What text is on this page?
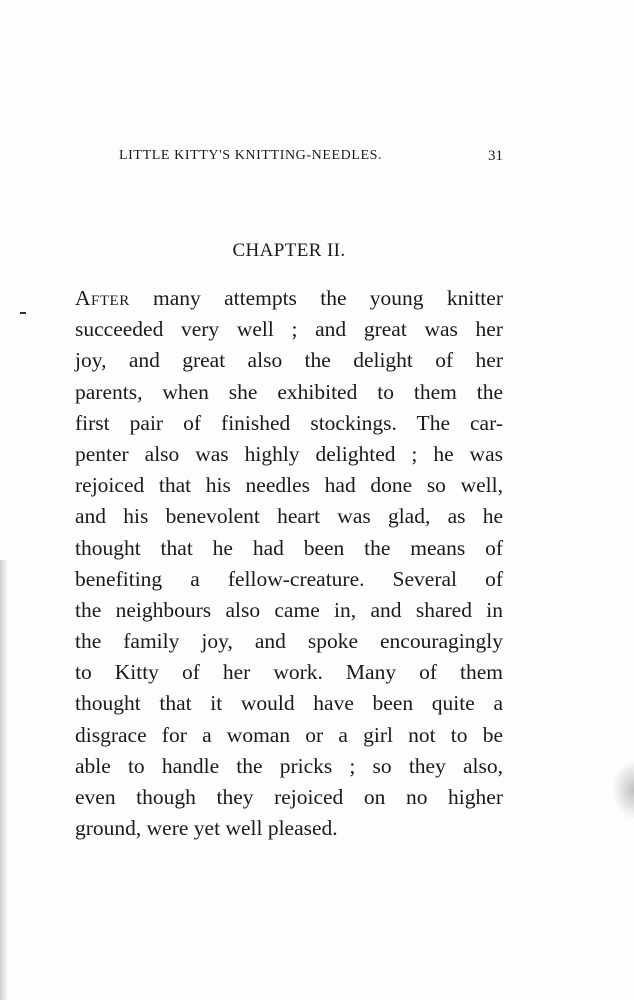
LITTLE KITTY'S KNITTING-NEEDLES.	31
CHAPTER II.
After many attempts the young knitter
succeeded very well ; and great was her
joy, and great also the delight of her
parents, when she exhibited to them the
first pair of finished stockings. The car-
penter also was highly delighted ; he was
rejoiced that his needles had done so well,
and his benevolent heart was glad, as he
thought that he had been the means of
benefiting a fellow-creature. Several of
the neighbours also came in, and shared in
the family joy, and spoke encouragingly
to Kitty of her work. Many of them
thought that it would have been quite a
disgrace for a woman or a girl not to be
able to handle the pricks ; so they also,
even though they rejoiced on no higher
ground, were yet well pleased.
